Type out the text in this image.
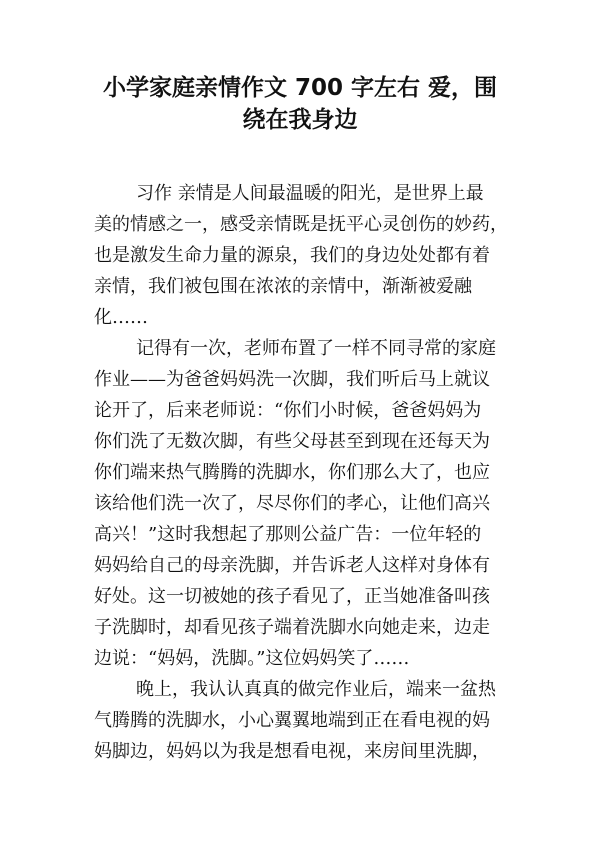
小学家庭亲情作文 700 字左右 爱，围
绕在我身边
习作 亲情是人间最温暖的阳光，是世界上最
美的情感之一，感受亲情既是抚平心灵创伤的妙药，
也是激发生命力量的源泉，我们的身边处处都有着
亲情，我们被包围在浓浓的亲情中，渐渐被爱融
化……
记得有一次，老师布置了一样不同寻常的家庭
作业——为爸爸妈妈洗一次脚，我们听后马上就议
论开了，后来老师说：“你们小时候，爸爸妈妈为
你们洗了无数次脚，有些父母甚至到现在还每天为
你们端来热气腾腾的洗脚水，你们那么大了，也应
该给他们洗一次了，尽尽你们的孝心，让他们高兴
高兴！”这时我想起了那则公益广告：一位年轻的
妈妈给自己的母亲洗脚，并告诉老人这样对身体有
好处。这一切被她的孩子看见了，正当她准备叫孩
子洗脚时，却看见孩子端着洗脚水向她走来，边走
边说：“妈妈，洗脚。”这位妈妈笑了……
晚上，我认认真真的做完作业后，端来一盆热
气腾腾的洗脚水，小心翼翼地端到正在看电视的妈
妈脚边，妈妈以为我是想看电视，来房间里洗脚，
